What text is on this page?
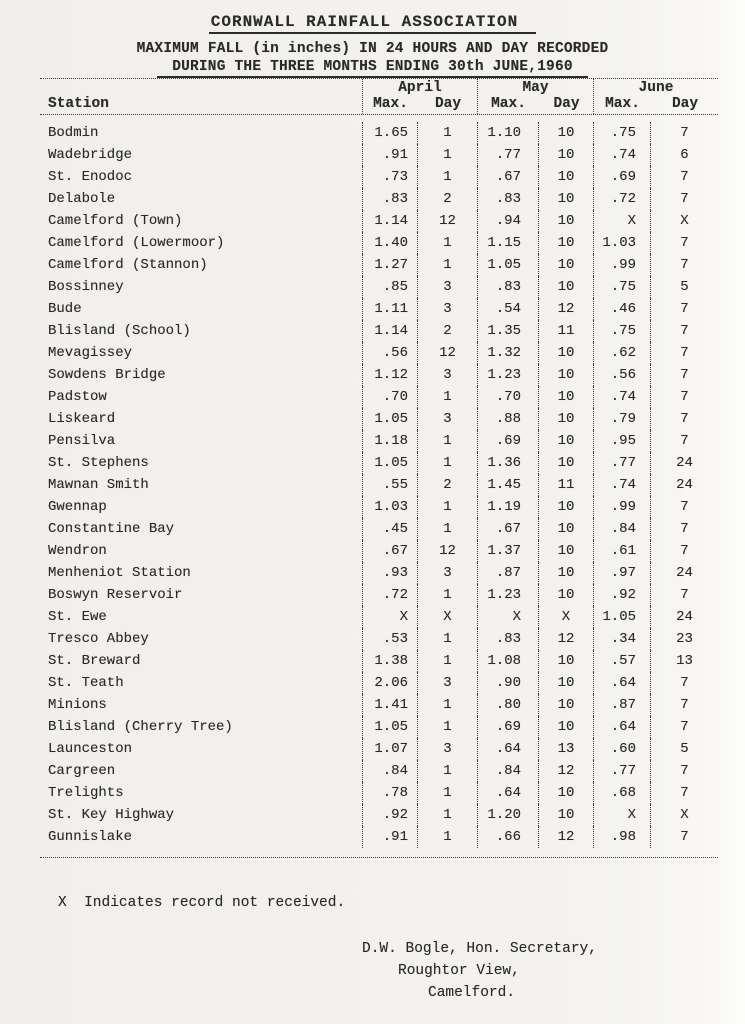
CORNWALL RAINFALL ASSOCIATION
MAXIMUM FALL (in inches) IN 24 HOURS AND DAY RECORDED
DURING THE THREE MONTHS ENDING 30th JUNE,1960
Station
April
Max.	Day
May
Max.	Day
June
Max.	Day
Bodmin	1.65	1	1.10	10	.75	7
Wadebridge	.91	1	.77	10	.74	6
St. Enodoc	.73	1	.67	10	.69	7
Delabole	.83	2	.83	10	.72	7
Camelford (Town)	1.14	12	.94	10	X	X
Camelford (Lowermoor)	1.40	1	1.15	10	1.03	7
Camelford (Stannon)	1.27	1	1.05	10	.99	7
Bossinney	.85	3	.83	10	.75	5
Bude	1.11	3	.54	12	.46	7
Blisland (School)	1.14	2	1.35	11	.75	7
Mevagissey	.56	12	1.32	10	.62	7
Sowdens Bridge	1.12	3	1.23	10	.56	7
Padstow	.70	1	.70	10	.74	7
Liskeard	1.05	3	.88	10	.79	7
Pensilva	1.18	1	.69	10	.95	7
St. Stephens	1.05	1	1.36	10	.77	24
Mawnan Smith	.55	2	1.45	11	.74	24
Gwennap	1.03	1	1.19	10	.99	7
Constantine Bay	.45	1	.67	10	.84	7
Wendron	.67	12	1.37	10	.61	7
Menheniot Station	.93	3	.87	10	.97	24
Boswyn Reservoir	.72	1	1.23	10	.92	7
St. Ewe	X	X	X	X	1.05	24
Tresco Abbey	.53	1	.83	12	.34	23
St. Breward	1.38	1	1.08	10	.57	13
St. Teath	2.06	3	.90	10	.64	7
Minions	1.41	1	.80	10	.87	7
Blisland (Cherry Tree)	1.05	1	.69	10	.64	7
Launceston	1.07	3	.64	13	.60	5
Cargreen	.84	1	.84	12	.77	7
Trelights	.78	1	.64	10	.68	7
St. Key Highway	.92	1	1.20	10	X	X
Gunnislake	.91	1	.66	12	.98	7
X  Indicates record not received.
D.W. Bogle, Hon. Secretary,
Roughtor View,
Camelford.
